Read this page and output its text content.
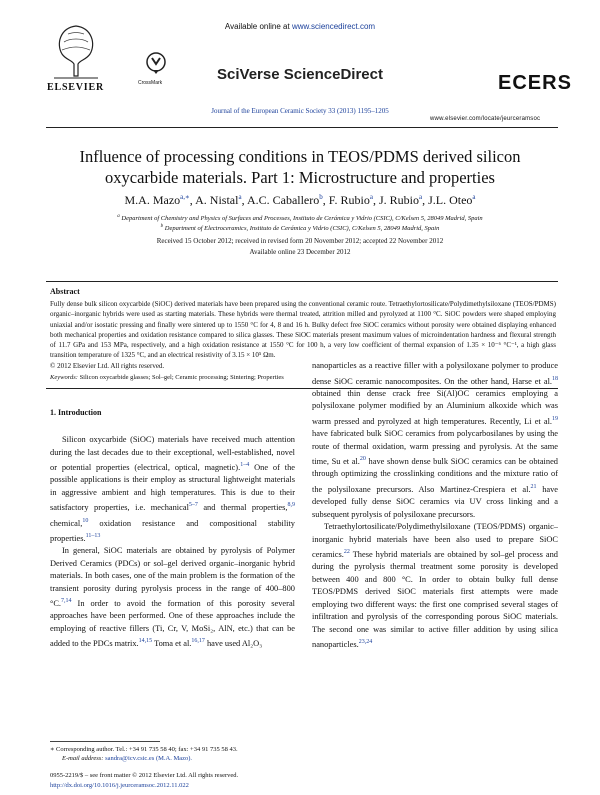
ELSEVIER
Available online at www.sciencedirect.com
CrossMark	SciVerse ScienceDirect
Journal of the European Ceramic Society 33 (2013) 1195–1205
ECERS
www.elsevier.com/locate/jeurceramsoc
Influence of processing conditions in TEOS/PDMS derived silicon
oxycarbide materials. Part 1: Microstructure and properties
M.A. Mazo$^{a,∗}$, A. Nistal$^a$, A.C. Caballero$^b$, F. Rubio$^a$, J. Rubio$^a$, J.L. Oteo$^a$
$^a$ Department of Chemistry and Physics of Surfaces and Processes, Instituto de Cerámica y Vidrio (CSIC), C/Kelsen 5, 28049 Madrid, Spain
$^b$ Department of Electroceramics, Instituto de Cerámica y Vidrio (CSIC), C/Kelsen 5, 28049 Madrid, Spain
Received 15 October 2012; received in revised form 20 November 2012; accepted 22 November 2012
Available online 23 December 2012
Abstract
Fully dense bulk silicon oxycarbide (SiOC) derived materials have been prepared using the conventional ceramic route. Tetraethylortosilicate/Polydimethylsiloxane (TEOS/PDMS) organic–inorganic hybrids were used as starting materials. These hybrids were thermal treated, attrition milled and pyrolyzed at 1100 °C. SiOC powders were shaped employing uniaxial and/or isostatic pressing and finally were sintered up to 1550 °C for 4, 8 and 16 h. Bulky defect free SiOC ceramics without porosity were obtained displaying enhanced both mechanical properties and oxidation resistance compared to silica glasses. These SiOC materials present maximum values of microindentation hardness and flexural strength of 11.7 GPa and 153 MPa, respectively, and a high oxidation resistance at 1550 °C for 100 h, a very low coefficient of thermal expansion of 1.35 × 10⁻⁶ °C⁻¹, a high glass transition temperature of 1325 °C, and an electrical resistivity of 3.15 × 10⁵ Ωm.
© 2012 Elsevier Ltd. All rights reserved.
Keywords: Silicon oxycarbide glasses; Sol–gel; Ceramic processing; Sintering; Properties
1. Introduction

Silicon oxycarbide (SiOC) materials have received much attention during the last decades due to their exceptional, well-established, novel or potential properties (electrical, optical, magnetic).$^{1-4}$ One of the possible applications is their employ as structural lightweight materials in aggressive ambient and high temperatures. This is due to their satisfactory properties, i.e. mechanical$^{5-7}$ and thermal properties,$^{8,9}$ chemical,$^{10}$ oxidation resistance and compositional stability properties.$^{11-13}$

In general, SiOC materials are obtained by pyrolysis of Polymer Derived Ceramics (PDCs) or sol–gel derived organic–inorganic hybrid materials. In both cases, one of the main problem is the formation of the transient porosity during pyrolysis process in the range of 400–800 °C.$^{7,14}$ In order to avoid the formation of this porosity several approaches have been performed. One of these approaches include the employing of reactive fillers (Ti, Cr, V, MoSi₂, AlN, etc.) that can be added to the PDCs matrix.$^{14,15}$ Toma et al.$^{16,17}$ have used Al₂O₃

nanoparticles as a reactive filler with a polysiloxane polymer to produce dense SiOC ceramic nanocomposites. On the other hand, Harse et al.$^{18}$ obtained thin dense crack free Si(Al)OC ceramics employing a polysiloxane polymer modified by an Aluminium alkoxide which was warm pressed and pyrolyzed at high temperatures. Recently, Li et al.$^{19}$ have fabricated bulk SiOC ceramics from polycarbosilanes by using the route of thermal oxidation, warm pressing and pyrolysis. At the same time, Su et al.$^{20}$ have shown dense bulk SiOC ceramics can be obtained through optimizing the crosslinking conditions and the mixture ratio of the polysiloxane precursors. Also Martinez-Crespiera et al.$^{21}$ have developed fully dense SiOC ceramics via UV cross linking and a subsequent pyrolysis of polysiloxane precursors.

Tetraethylortosilicate/Polydimethylsiloxane (TEOS/PDMS) organic–inorganic hybrid materials have been also used to prepare SiOC ceramics.$^{22}$ These hybrid materials are obtained by sol–gel process and during the pyrolysis thermal treatment some porosity is developed between 400 and 800 °C. In order to obtain bulky full dense TEOS/PDMS derived SiOC materials first attempts were made employing two different ways: the first one comprised several stages of infiltration and pyrolysis of the corresponding porous SiOC materials. The second one was similar to active filler addition by using silica nanoparticles.$^{23,24}$

∗ Corresponding author. Tel.: +34 91 735 58 40; fax: +34 91 735 58 43.
E-mail address: sandra@icv.csic.es (M.A. Mazo).
0955-2219/$ – see front matter © 2012 Elsevier Ltd. All rights reserved.
http://dx.doi.org/10.1016/j.jeurceramsoc.2012.11.022
